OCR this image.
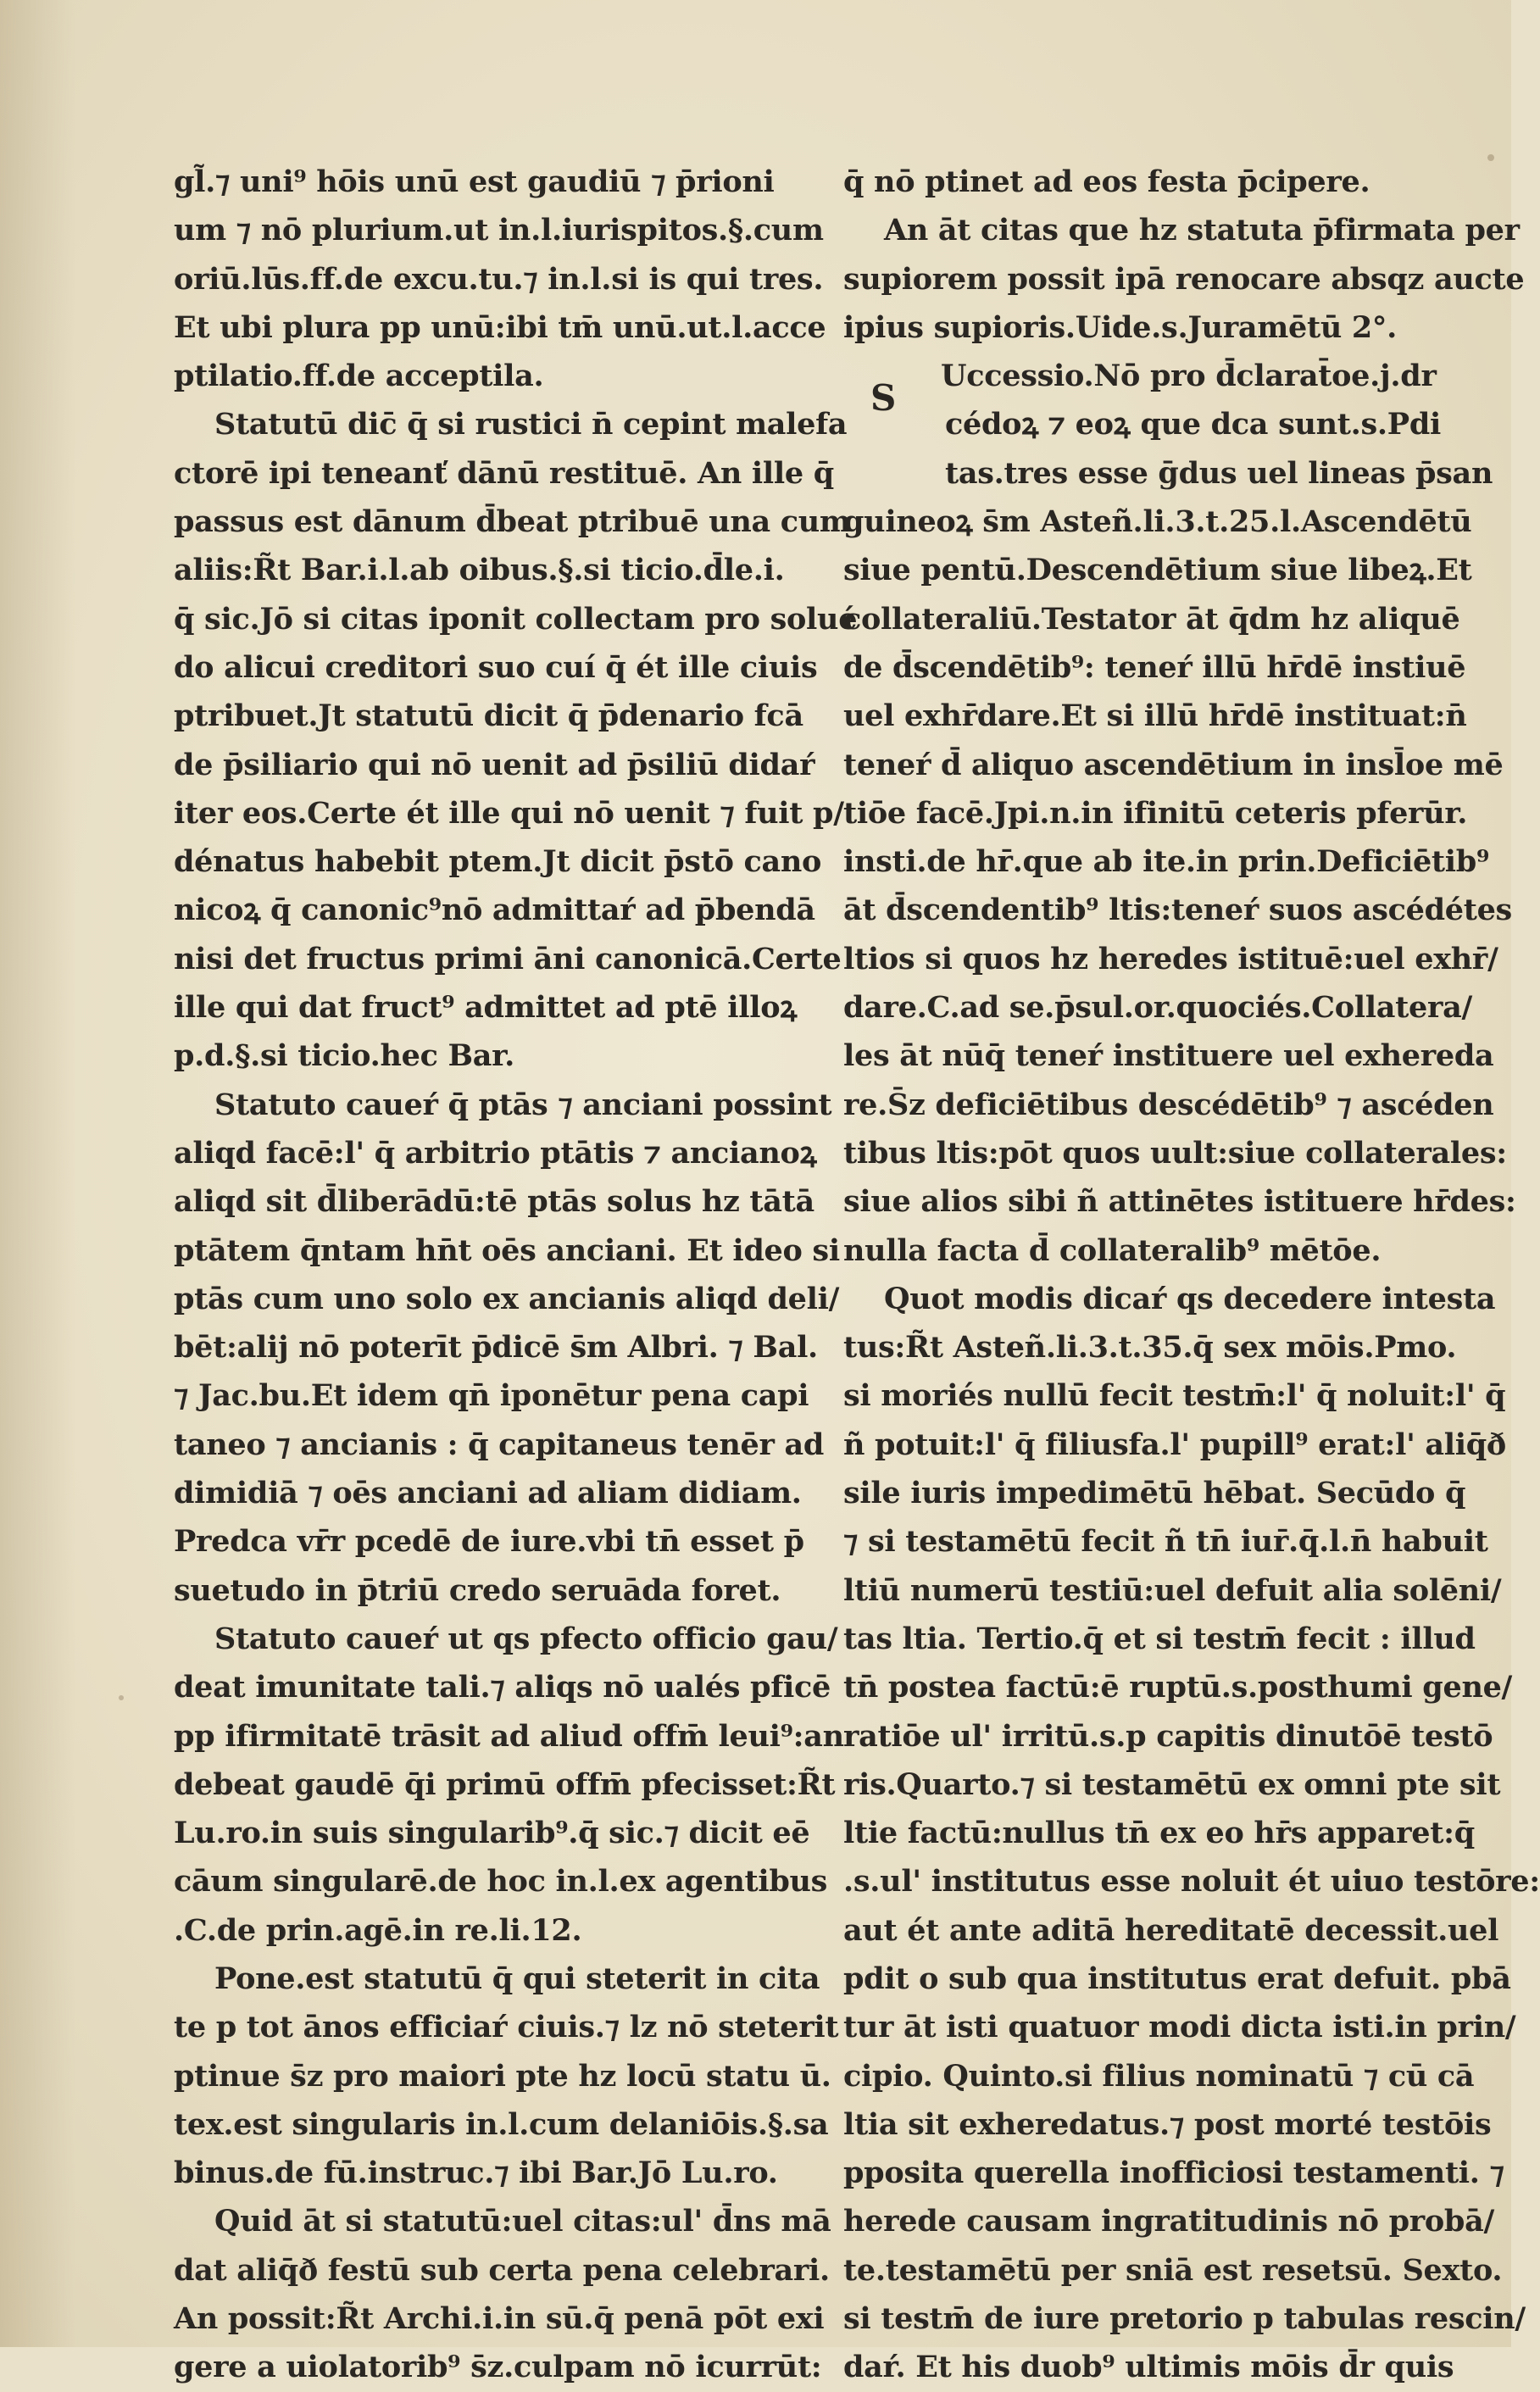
gl̃.⁊ uni⁹ hōis unū est gaudiū ⁊ p̄rioni
um ⁊ nō plurium.ut in.l.iurispitos.§.cum
oriū.lūs.ff.de excu.tu.⁊ in.l.si is qui tres.
Et ubi plura pp unū:ibi tm̄ unū.ut.l.acce
ptilatio.ff.de acceptila.
Statutū dic̄ q̄ si rustici n̄ cepint malefa
ctorē ipi teneanť dānū restituē. An ille q̄
passus est dānum d̄beat ptribuē una cum
aliis:R̃t Bar.i.l.ab oibus.§.si ticio.d̄le.i.
q̄ sic.Jō si citas iponit collectam pro solué
do alicui creditori suo cuí q̄ ét ille ciuis
ptribuet.Jt statutū dicit q̄ p̄denario fcā
de p̄siliario qui nō uenit ad p̄siliū didaŕ
iter eos.Certe ét ille qui nō uenit ⁊ fuit p/
dénatus habebit ptem.Jt dicit p̄stō cano
nicoꝝ q̄ canonic⁹nō admittaŕ ad p̄bendā
nisi det fructus primi āni canonicā.Certe
ille qui dat fruct⁹ admittet ad ptē illoꝝ
p.d.§.si ticio.hec Bar.
Statuto caueŕ q̄ ptās ⁊ anciani possint
aliqd facē:l' q̄ arbitrio ptātis ⁊ ancianoꝝ
aliqd sit d̄liberādū:tē ptās solus hz tātā
ptātem q̄ntam hn̄t oēs anciani. Et ideo si
ptās cum uno solo ex ancianis aliqd deli/
bēt:alij nō poterīt p̄dicē s̄m Albri. ⁊ Bal.
⁊ Jac.bu.Et idem qn̄ iponētur pena capi
taneo ⁊ ancianis : q̄ capitaneus tenēr ad
dimidiā ⁊ oēs anciani ad aliam didiam.
Predca vr̄r pcedē de iure.vbi tn̄ esset p̄
suetudo in p̄triū credo seruāda foret.
Statuto caueŕ ut qs pfecto officio gau/
deat imunitate tali.⁊ aliqs nō ualés pficē
pp ifirmitatē trāsit ad aliud offm̄ leui⁹:an
debeat gaudē q̄i primū offm̄ pfecisset:R̃t
Lu.ro.in suis singularib⁹.q̄ sic.⁊ dicit eē
cāum singularē.de hoc in.l.ex agentibus
.C.de prin.agē.in re.li.12.
Pone.est statutū q̄ qui steterit in cita
te p tot ānos efficiaŕ ciuis.⁊ lz nō steterit
ptinue s̄z pro maiori pte hz locū statu ū.
tex.est singularis in.l.cum delaniōis.§.sa
binus.de fū.instruc.⁊ ibi Bar.Jō Lu.ro.
Quid āt si statutū:uel citas:ul' d̄ns mā
dat aliq̄ð festū sub certa pena celebrari.
An possit:R̃t Archi.i.in sū.q̄ penā pōt exi
gere a uiolatorib⁹ s̄z.culpam nō icurrūt:
S
q̄ nō ptinet ad eos festa p̄cipere.
An āt citas que hz statuta p̄firmata per
supiorem possit ipā renocare absqz aucte
ipius supioris.Uide.s.Juramētū 2°.
Uccessio.Nō pro d̄clarat̄oe.j.dr
cédoꝝ ⁊ eoꝝ que dca sunt.s.Pdi
tas.tres esse ḡdus uel lineas p̄san
guineoꝝ s̄m Asteñ.li.3.t.25.l.Ascendētū
siue pentū.Descendētium siue libeꝝ.Et
collateraliū.Testator āt q̄dm hz aliquē
de d̄scendētib⁹: teneŕ illū hr̄dē instiuē
uel exhr̄dare.Et si illū hr̄dē instituat:n̄
teneŕ d̄ aliquo ascendētium in insl̄oe mē
tiōe facē.Jpi.n.in ifinitū ceteris pferūr.
insti.de hr̄.que ab ite.in prin.Deficiētib⁹
āt d̄scendentib⁹ ltis:teneŕ suos ascédétes
ltios si quos hz heredes istituē:uel exhr̄/
dare.C.ad se.p̄sul.or.quociés.Collatera/
les āt nūq̄ teneŕ instituere uel exhereda
re.S̄z deficiētibus descédētib⁹ ⁊ ascéden
tibus ltis:pōt quos uult:siue collaterales:
siue alios sibi ñ attinētes istituere hr̄des:
nulla facta d̄ collateralib⁹ mētōe.
Quot modis dicaŕ qs decedere intesta
tus:R̃t Asteñ.li.3.t.35.q̄ sex mōis.Pmo.
si moriés nullū fecit testm̄:l' q̄ noluit:l' q̄
ñ potuit:l' q̄ filiusfa.l' pupill⁹ erat:l' aliq̄ð
sile iuris impedimētū hēbat. Secūdo q̄
⁊ si testamētū fecit ñ tn̄ iur̄.q̄.l.n̄ habuit
ltiū numerū testiū:uel defuit alia solēni/
tas ltia. Tertio.q̄ et si testm̄ fecit : illud
tn̄ postea factū:ē ruptū.s.posthumi gene/
ratiōe ul' irritū.s.p capitis dinutōē testō
ris.Quarto.⁊ si testamētū ex omni pte sit
ltie factū:nullus tn̄ ex eo hr̄s apparet:q̄
.s.ul' institutus esse noluit ét uiuo testōre:
aut ét ante aditā hereditatē decessit.uel
pdit o sub qua institutus erat defuit. pbā
tur āt isti quatuor modi dicta isti.in prin/
cipio. Quinto.si filius nominatū ⁊ cū cā
ltia sit exheredatus.⁊ post morté testōis
pposita querella inofficiosi testamenti. ⁊
herede causam ingratitudinis nō probā/
te.testamētū per sniā est resetsū. Sexto.
si testm̄ de iure pretorio p tabulas rescin/
daŕ. Et his duob⁹ ultimis mōis d̄r quis
